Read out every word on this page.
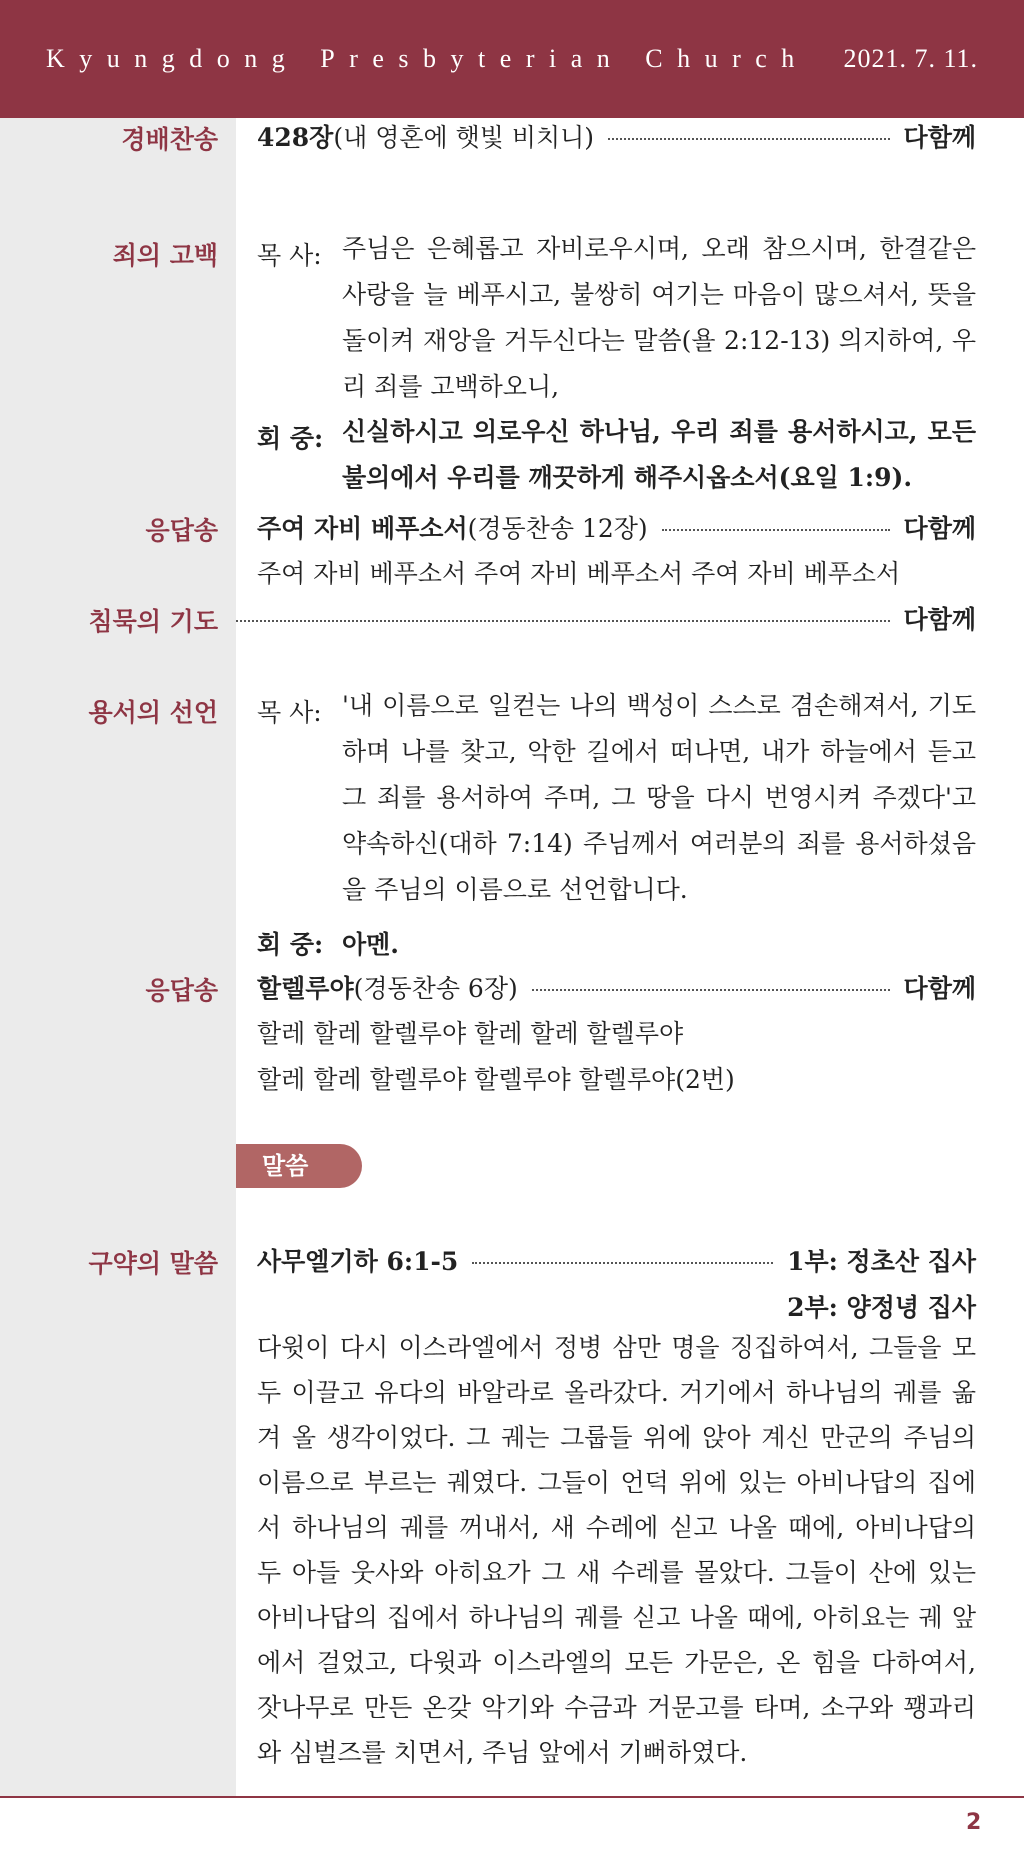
Kyungdong Presbyterian Church 2021. 7. 11.
경배찬송 428장 (내 영혼에 햇빛 비치니)	다함께
죄의 고백 목 사: 주님은 은혜롭고 자비로우시며, 오래 참으시며, 한결같은 사랑을 늘 베푸시고, 불쌍히 여기는 마음이 많으셔서, 뜻을 돌이켜 재앙을 거두신다는 말씀(욜 2:12-13) 의지하여, 우리 죄를 고백하오니,
회 중: 신실하시고 의로우신 하나님, 우리 죄를 용서하시고, 모든 불의에서 우리를 깨끗하게 해주시옵소서(요일 1:9).
응답송 주여 자비 베푸소서 (경동찬송 12장)	다함께
주여 자비 베푸소서 주여 자비 베푸소서 주여 자비 베푸소서
침묵의 기도	다함께
용서의 선언 목 사: '내 이름으로 일컫는 나의 백성이 스스로 겸손해져서, 기도하며 나를 찾고, 악한 길에서 떠나면, 내가 하늘에서 듣고 그 죄를 용서하여 주며, 그 땅을 다시 번영시켜 주겠다'고 약속하신(대하 7:14) 주님께서 여러분의 죄를 용서하셨음을 주님의 이름으로 선언합니다.
회 중: 아멘.
응답송 할렐루야 (경동찬송 6장)	다함께
할레 할레 할렐루야 할레 할레 할렐루야
할레 할레 할렐루야 할렐루야 할렐루야(2번)
말씀
구약의 말씀 사무엘기하 6:1-5	1부: 정초산 집사
2부: 양정녕 집사
다윗이 다시 이스라엘에서 정병 삼만 명을 징집하여서, 그들을 모두 이끌고 유다의 바알라로 올라갔다. 거기에서 하나님의 궤를 옮겨 올 생각이었다. 그 궤는 그룹들 위에 앉아 계신 만군의 주님의 이름으로 부르는 궤였다. 그들이 언덕 위에 있는 아비나답의 집에서 하나님의 궤를 꺼내서, 새 수레에 싣고 나올 때에, 아비나답의 두 아들 웃사와 아히요가 그 새 수레를 몰았다. 그들이 산에 있는 아비나답의 집에서 하나님의 궤를 싣고 나올 때에, 아히요는 궤 앞에서 걸었고, 다윗과 이스라엘의 모든 가문은, 온 힘을 다하여서, 잣나무로 만든 온갖 악기와 수금과 거문고를 타며, 소구와 꽹과리와 심벌즈를 치면서, 주님 앞에서 기뻐하였다.
2
